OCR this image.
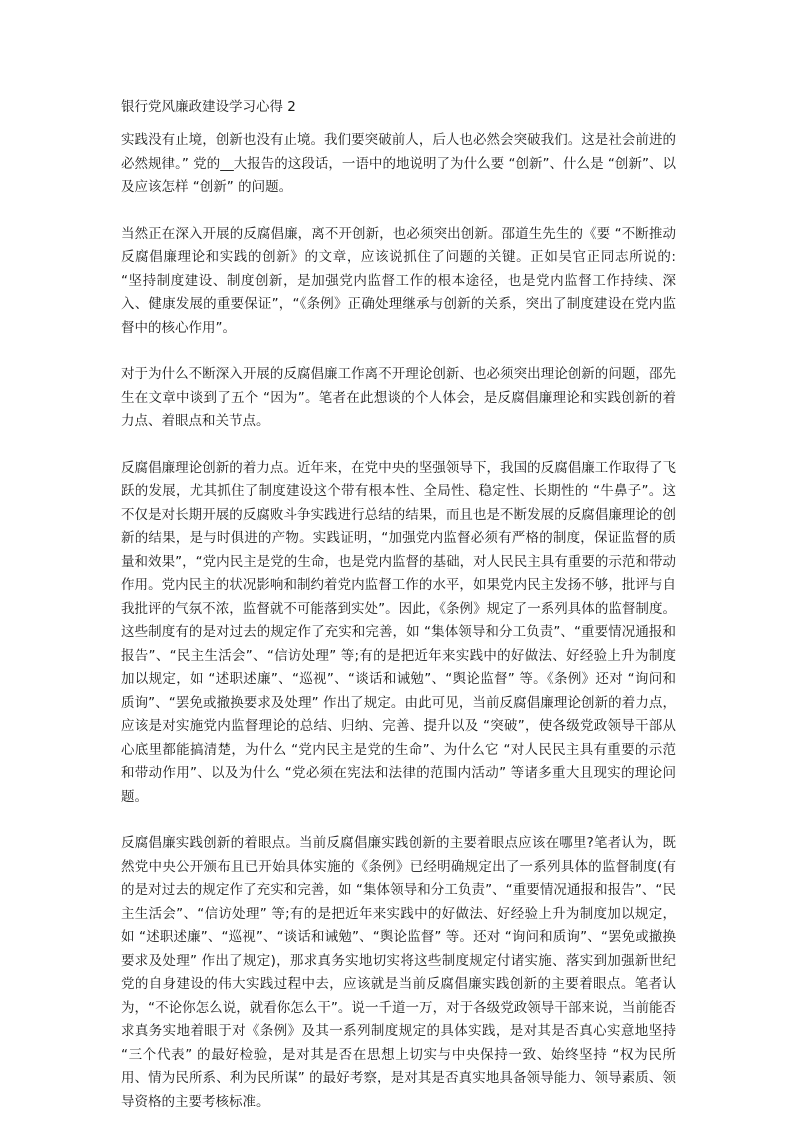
银行党风廉政建设学习心得 2

实践没有止境，创新也没有止境。我们要突破前人，后人也必然会突破我们。这是社会前进的必然规律。” 党的__大报告的这段话，一语中的地说明了为什么要 “创新”、什么是 “创新”、以及应该怎样 “创新” 的问题。

当然正在深入开展的反腐倡廉，离不开创新，也必须突出创新。邵道生先生的《要 “不断推动反腐倡廉理论和实践的创新》的文章，应该说抓住了问题的关键。正如吴官正同志所说的: “坚持制度建设、制度创新，是加强党内监督工作的根本途径，也是党内监督工作持续、深入、健康发展的重要保证”，“《条例》正确处理继承与创新的关系，突出了制度建设在党内监督中的核心作用”。

对于为什么不断深入开展的反腐倡廉工作离不开理论创新、也必须突出理论创新的问题，邵先生在文章中谈到了五个 “因为”。笔者在此想谈的个人体会，是反腐倡廉理论和实践创新的着力点、着眼点和关节点。

反腐倡廉理论创新的着力点。近年来，在党中央的坚强领导下，我国的反腐倡廉工作取得了飞跃的发展，尤其抓住了制度建设这个带有根本性、全局性、稳定性、长期性的 “牛鼻子”。这不仅是对长期开展的反腐败斗争实践进行总结的结果，而且也是不断发展的反腐倡廉理论的创新的结果，是与时俱进的产物。实践证明，“加强党内监督必须有严格的制度，保证监督的质量和效果”，“党内民主是党的生命，也是党内监督的基础，对人民民主具有重要的示范和带动作用。党内民主的状况影响和制约着党内监督工作的水平，如果党内民主发扬不够，批评与自我批评的气氛不浓，监督就不可能落到实处”。因此，《条例》规定了一系列具体的监督制度。这些制度有的是对过去的规定作了充实和完善，如 “集体领导和分工负责”、“重要情况通报和报告”、“民主生活会”、“信访处理” 等;有的是把近年来实践中的好做法、好经验上升为制度加以规定，如 “述职述廉”、“巡视”、“谈话和诫勉”、“舆论监督” 等。《条例》还对 “询问和质询”、“罢免或撤换要求及处理” 作出了规定。由此可见，当前反腐倡廉理论创新的着力点，应该是对实施党内监督理论的总结、归纳、完善、提升以及 “突破”，使各级党政领导干部从心底里都能搞清楚，为什么 “党内民主是党的生命”、为什么它 “对人民民主具有重要的示范和带动作用”、以及为什么 “党必须在宪法和法律的范围内活动” 等诸多重大且现实的理论问题。

反腐倡廉实践创新的着眼点。当前反腐倡廉实践创新的主要着眼点应该在哪里?笔者认为，既然党中央公开颁布且已开始具体实施的《条例》已经明确规定出了一系列具体的监督制度(有的是对过去的规定作了充实和完善，如 “集体领导和分工负责”、“重要情况通报和报告”、“民主生活会”、“信访处理” 等;有的是把近年来实践中的好做法、好经验上升为制度加以规定，如 “述职述廉”、“巡视”、“谈话和诫勉”、“舆论监督” 等。还对 “询问和质询”、“罢免或撤换要求及处理” 作出了规定)，那求真务实地切实将这些制度规定付诸实施、落实到加强新世纪党的自身建设的伟大实践过程中去，应该就是当前反腐倡廉实践创新的主要着眼点。笔者认为，“不论你怎么说，就看你怎么干”。说一千道一万，对于各级党政领导干部来说，当前能否求真务实地着眼于对《条例》及其一系列制度规定的具体实践，是对其是否真心实意地坚持 “三个代表” 的最好检验，是对其是否在思想上切实与中央保持一致、始终坚持 “权为民所用、情为民所系、利为民所谋” 的最好考察，是对其是否真实地具备领导能力、领导素质、领导资格的主要考核标准。
